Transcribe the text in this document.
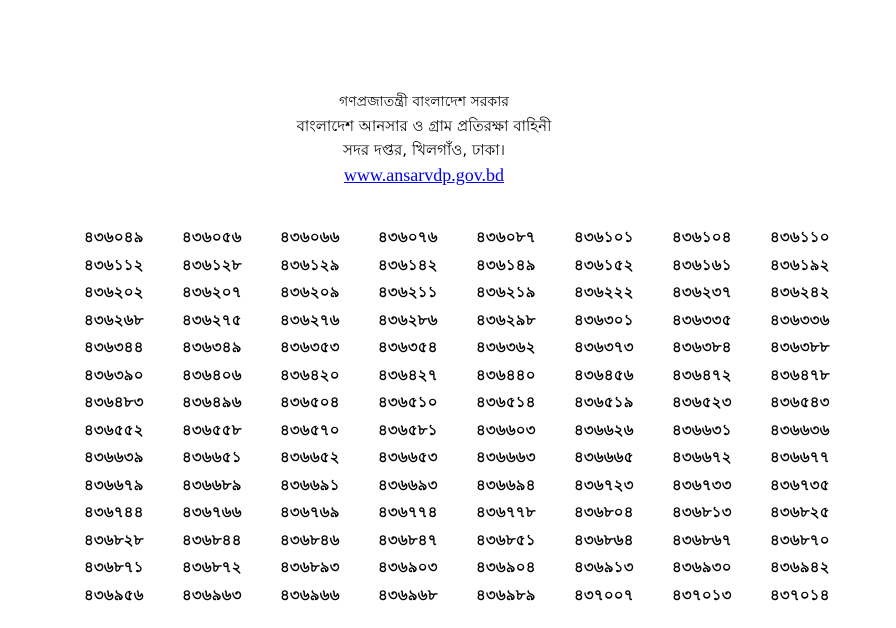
গণপ্রজাতন্ত্রী বাংলাদেশ সরকার
বাংলাদেশ আনসার ও গ্রাম প্রতিরক্ষা বাহিনী
সদর দপ্তর, খিলগাঁও, ঢাকা।
www.ansarvdp.gov.bd
৪৩৬০৪৯	৪৩৬০৫৬	৪৩৬০৬৬	৪৩৬০৭৬	৪৩৬০৮৭	৪৩৬১০১	৪৩৬১০৪	৪৩৬১১০
৪৩৬১১২	৪৩৬১২৮	৪৩৬১২৯	৪৩৬১৪২	৪৩৬১৪৯	৪৩৬১৫২	৪৩৬১৬১	৪৩৬১৯২
৪৩৬২০২	৪৩৬২০৭	৪৩৬২০৯	৪৩৬২১১	৪৩৬২১৯	৪৩৬২২২	৪৩৬২৩৭	৪৩৬২৪২
৪৩৬২৬৮	৪৩৬২৭৫	৪৩৬২৭৬	৪৩৬২৮৬	৪৩৬২৯৮	৪৩৬৩০১	৪৩৬৩৩৫	৪৩৬৩৩৬
৪৩৬৩৪৪	৪৩৬৩৪৯	৪৩৬৩৫৩	৪৩৬৩৫৪	৪৩৬৩৬২	৪৩৬৩৭৩	৪৩৬৩৮৪	৪৩৬৩৮৮
৪৩৬৩৯০	৪৩৬৪০৬	৪৩৬৪২০	৪৩৬৪২৭	৪৩৬৪৪০	৪৩৬৪৫৬	৪৩৬৪৭২	৪৩৬৪৭৮
৪৩৬৪৮৩	৪৩৬৪৯৬	৪৩৬৫০৪	৪৩৬৫১০	৪৩৬৫১৪	৪৩৬৫১৯	৪৩৬৫২৩	৪৩৬৫৪৩
৪৩৬৫৫২	৪৩৬৫৫৮	৪৩৬৫৭০	৪৩৬৫৮১	৪৩৬৬০৩	৪৩৬৬২৬	৪৩৬৬৩১	৪৩৬৬৩৬
৪৩৬৬৩৯	৪৩৬৬৫১	৪৩৬৬৫২	৪৩৬৬৫৩	৪৩৬৬৬৩	৪৩৬৬৬৫	৪৩৬৬৭২	৪৩৬৬৭৭
৪৩৬৬৭৯	৪৩৬৬৮৯	৪৩৬৬৯১	৪৩৬৬৯৩	৪৩৬৬৯৪	৪৩৬৭২৩	৪৩৬৭৩৩	৪৩৬৭৩৫
৪৩৬৭৪৪	৪৩৬৭৬৬	৪৩৬৭৬৯	৪৩৬৭৭৪	৪৩৬৭৭৮	৪৩৬৮০৪	৪৩৬৮১৩	৪৩৬৮২৫
৪৩৬৮২৮	৪৩৬৮৪৪	৪৩৬৮৪৬	৪৩৬৮৪৭	৪৩৬৮৫১	৪৩৬৮৬৪	৪৩৬৮৬৭	৪৩৬৮৭০
৪৩৬৮৭১	৪৩৬৮৭২	৪৩৬৮৯৩	৪৩৬৯০৩	৪৩৬৯০৪	৪৩৬৯১৩	৪৩৬৯৩০	৪৩৬৯৪২
৪৩৬৯৫৬	৪৩৬৯৬৩	৪৩৬৯৬৬	৪৩৬৯৬৮	৪৩৬৯৮৯	৪৩৭০০৭	৪৩৭০১৩	৪৩৭০১৪
